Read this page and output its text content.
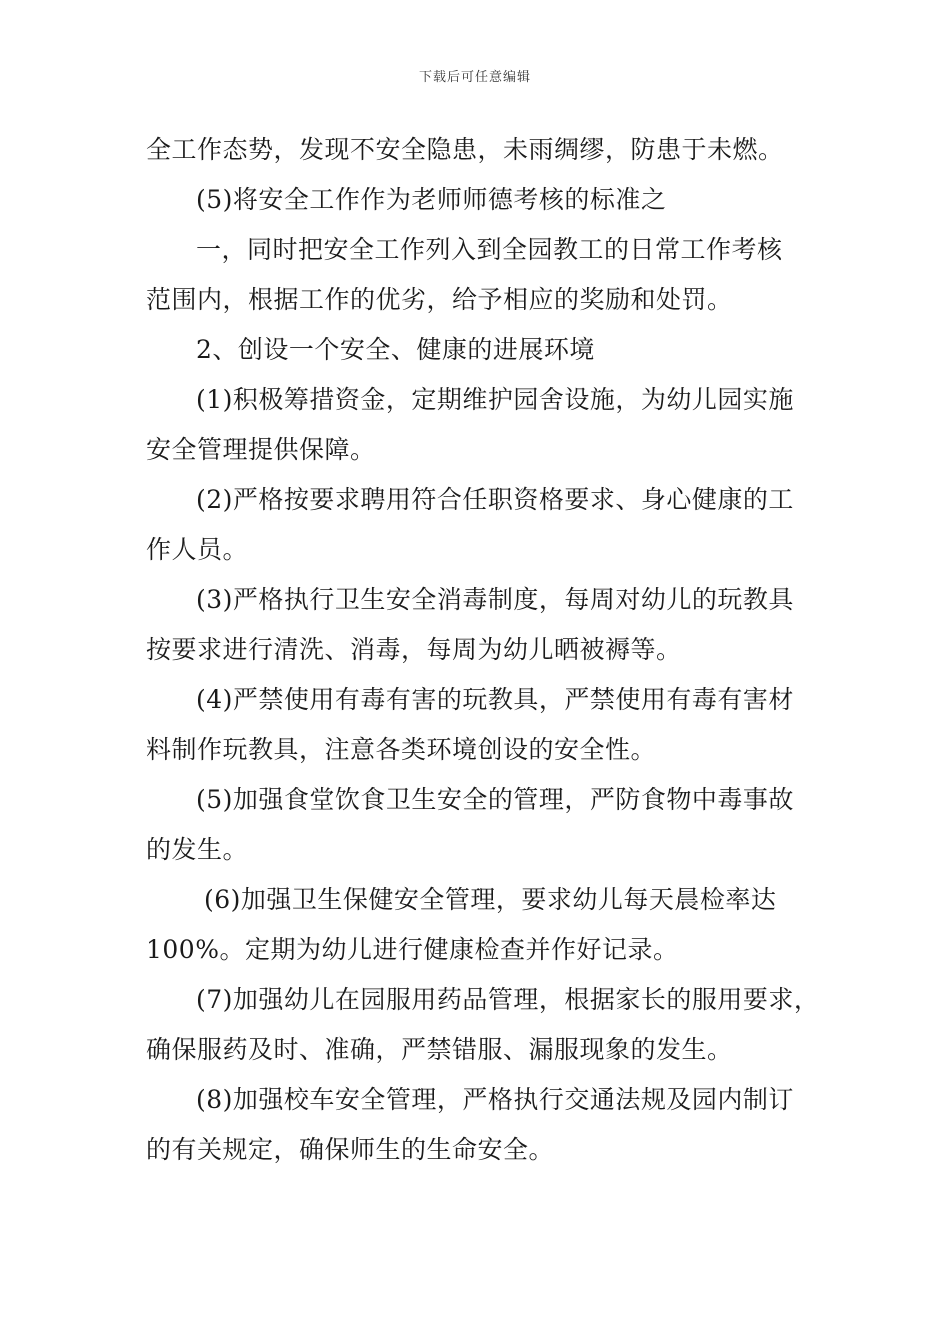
下载后可任意编辑
全工作态势，发现不安全隐患，未雨绸缪，防患于未燃。
(5)将安全工作作为老师师德考核的标准之
一，同时把安全工作列入到全园教工的日常工作考核
范围内，根据工作的优劣，给予相应的奖励和处罚。
2、创设一个安全、健康的进展环境
(1)积极筹措资金，定期维护园舍设施，为幼儿园实施
安全管理提供保障。
(2)严格按要求聘用符合任职资格要求、身心健康的工
作人员。
(3)严格执行卫生安全消毒制度，每周对幼儿的玩教具
按要求进行清洗、消毒，每周为幼儿晒被褥等。
(4)严禁使用有毒有害的玩教具，严禁使用有毒有害材
料制作玩教具，注意各类环境创设的安全性。
(5)加强食堂饮食卫生安全的管理，严防食物中毒事故
的发生。
(6)加强卫生保健安全管理，要求幼儿每天晨检率达
100%。定期为幼儿进行健康检查并作好记录。
(7)加强幼儿在园服用药品管理，根据家长的服用要求，
确保服药及时、准确，严禁错服、漏服现象的发生。
(8)加强校车安全管理，严格执行交通法规及园内制订
的有关规定，确保师生的生命安全。
